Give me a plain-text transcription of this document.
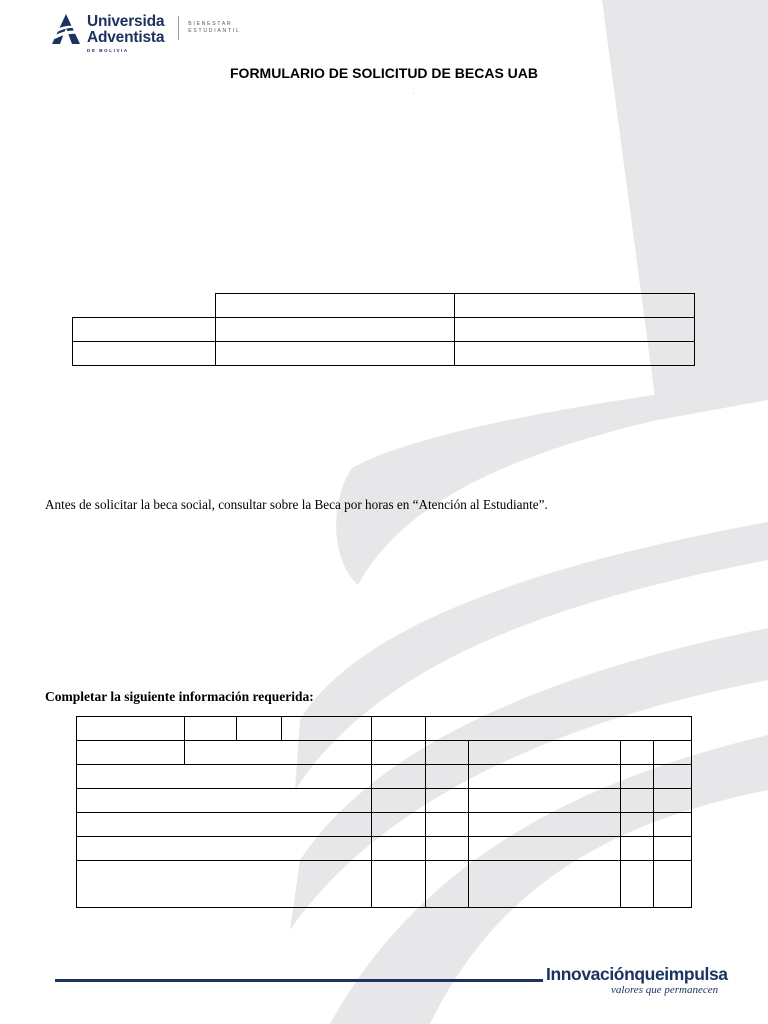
Universida
Adventista
DE BOLIVIA
BIENESTAR
ESTUDIANTIL
FORMULARIO DE SOLICITUD DE BECAS UAB
.

Antes de solicitar la beca social, consultar sobre la Beca por horas en “Atención al Estudiante”.
Completar la siguiente información requerida:

Innovaciónqueimpulsa
valores que permanecen
